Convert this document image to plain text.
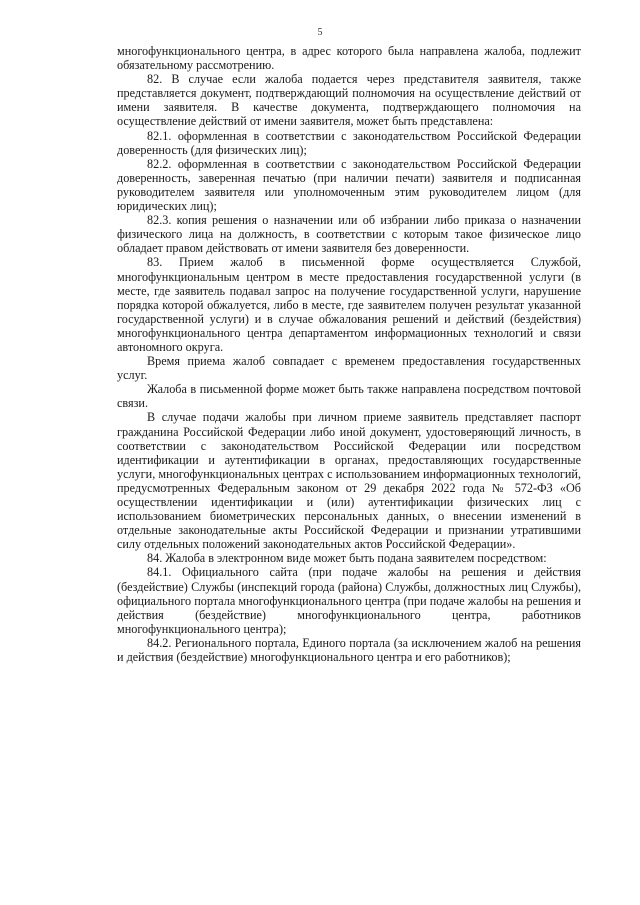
5

многофункционального центра, в адрес которого была направлена жалоба, подлежит обязательному рассмотрению.

82. В случае если жалоба подается через представителя заявителя, также представляется документ, подтверждающий полномочия на осуществление действий от имени заявителя. В качестве документа, подтверждающего полномочия на осуществление действий от имени заявителя, может быть представлена:

82.1. оформленная в соответствии с законодательством Российской Федерации доверенность (для физических лиц);

82.2. оформленная в соответствии с законодательством Российской Федерации доверенность, заверенная печатью (при наличии печати) заявителя и подписанная руководителем заявителя или уполномоченным этим руководителем лицом (для юридических лиц);

82.3. копия решения о назначении или об избрании либо приказа о назначении физического лица на должность, в соответствии с которым такое физическое лицо обладает правом действовать от имени заявителя без доверенности.

83. Прием жалоб в письменной форме осуществляется Службой, многофункциональным центром в месте предоставления государственной услуги (в месте, где заявитель подавал запрос на получение государственной услуги, нарушение порядка которой обжалуется, либо в месте, где заявителем получен результат указанной государственной услуги) и в случае обжалования решений и действий (бездействия) многофункционального центра департаментом информационных технологий и связи автономного округа.

Время приема жалоб совпадает с временем предоставления государственных услуг.

Жалоба в письменной форме может быть также направлена посредством почтовой связи.

В случае подачи жалобы при личном приеме заявитель представляет паспорт гражданина Российской Федерации либо иной документ, удостоверяющий личность, в соответствии с законодательством Российской Федерации или посредством идентификации и аутентификации в органах, предоставляющих государственные услуги, многофункциональных центрах с использованием информационных технологий, предусмотренных Федеральным законом от 29 декабря 2022 года № 572-ФЗ «Об осуществлении идентификации и (или) аутентификации физических лиц с использованием биометрических персональных данных, о внесении изменений в отдельные законодательные акты Российской Федерации и признании утратившими силу отдельных положений законодательных актов Российской Федерации».

84. Жалоба в электронном виде может быть подана заявителем посредством:

84.1. Официального сайта (при подаче жалобы на решения и действия (бездействие) Службы (инспекций города (района) Службы, должностных лиц Службы), официального портала многофункционального центра (при подаче жалобы на решения и действия (бездействие) многофункционального центра, работников многофункционального центра);

84.2. Регионального портала, Единого портала (за исключением жалоб на решения и действия (бездействие) многофункционального центра и его работников);
